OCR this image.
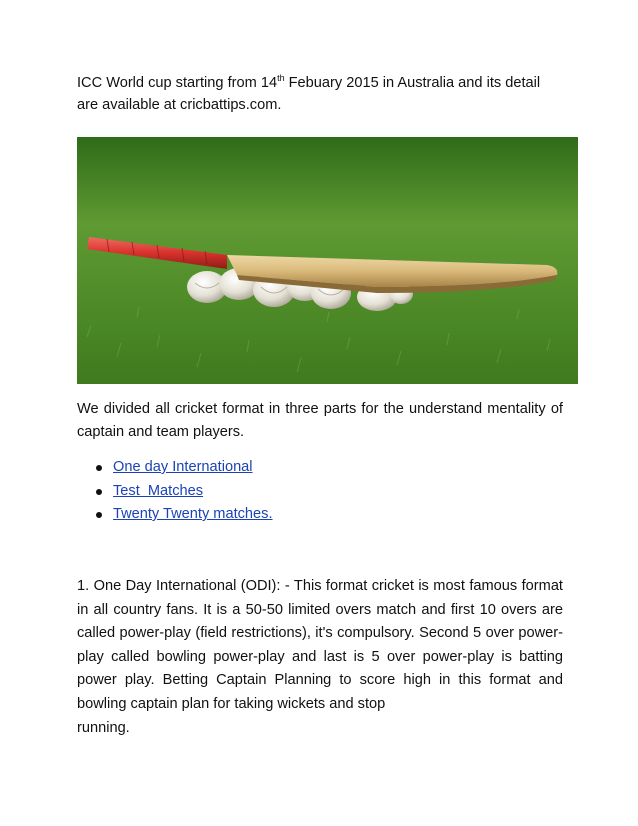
ICC World cup starting from 14th Febuary 2015 in Australia and its detail are available at cricbattips.com.

We divided all cricket format in three parts for the understand mentality of captain and team players.

One day International
Test  Matches
Twenty Twenty matches.
1. One Day International (ODI): - This format cricket is most famous format in all country fans. It is a 50-50 limited overs match and first 10 overs are called power-play (field restrictions), it's compulsory. Second 5 over power-play called bowling power-play and last is 5 over power-play is batting power play. Betting Captain Planning to score high in this format and bowling captain plan for taking wickets and stop
running.
